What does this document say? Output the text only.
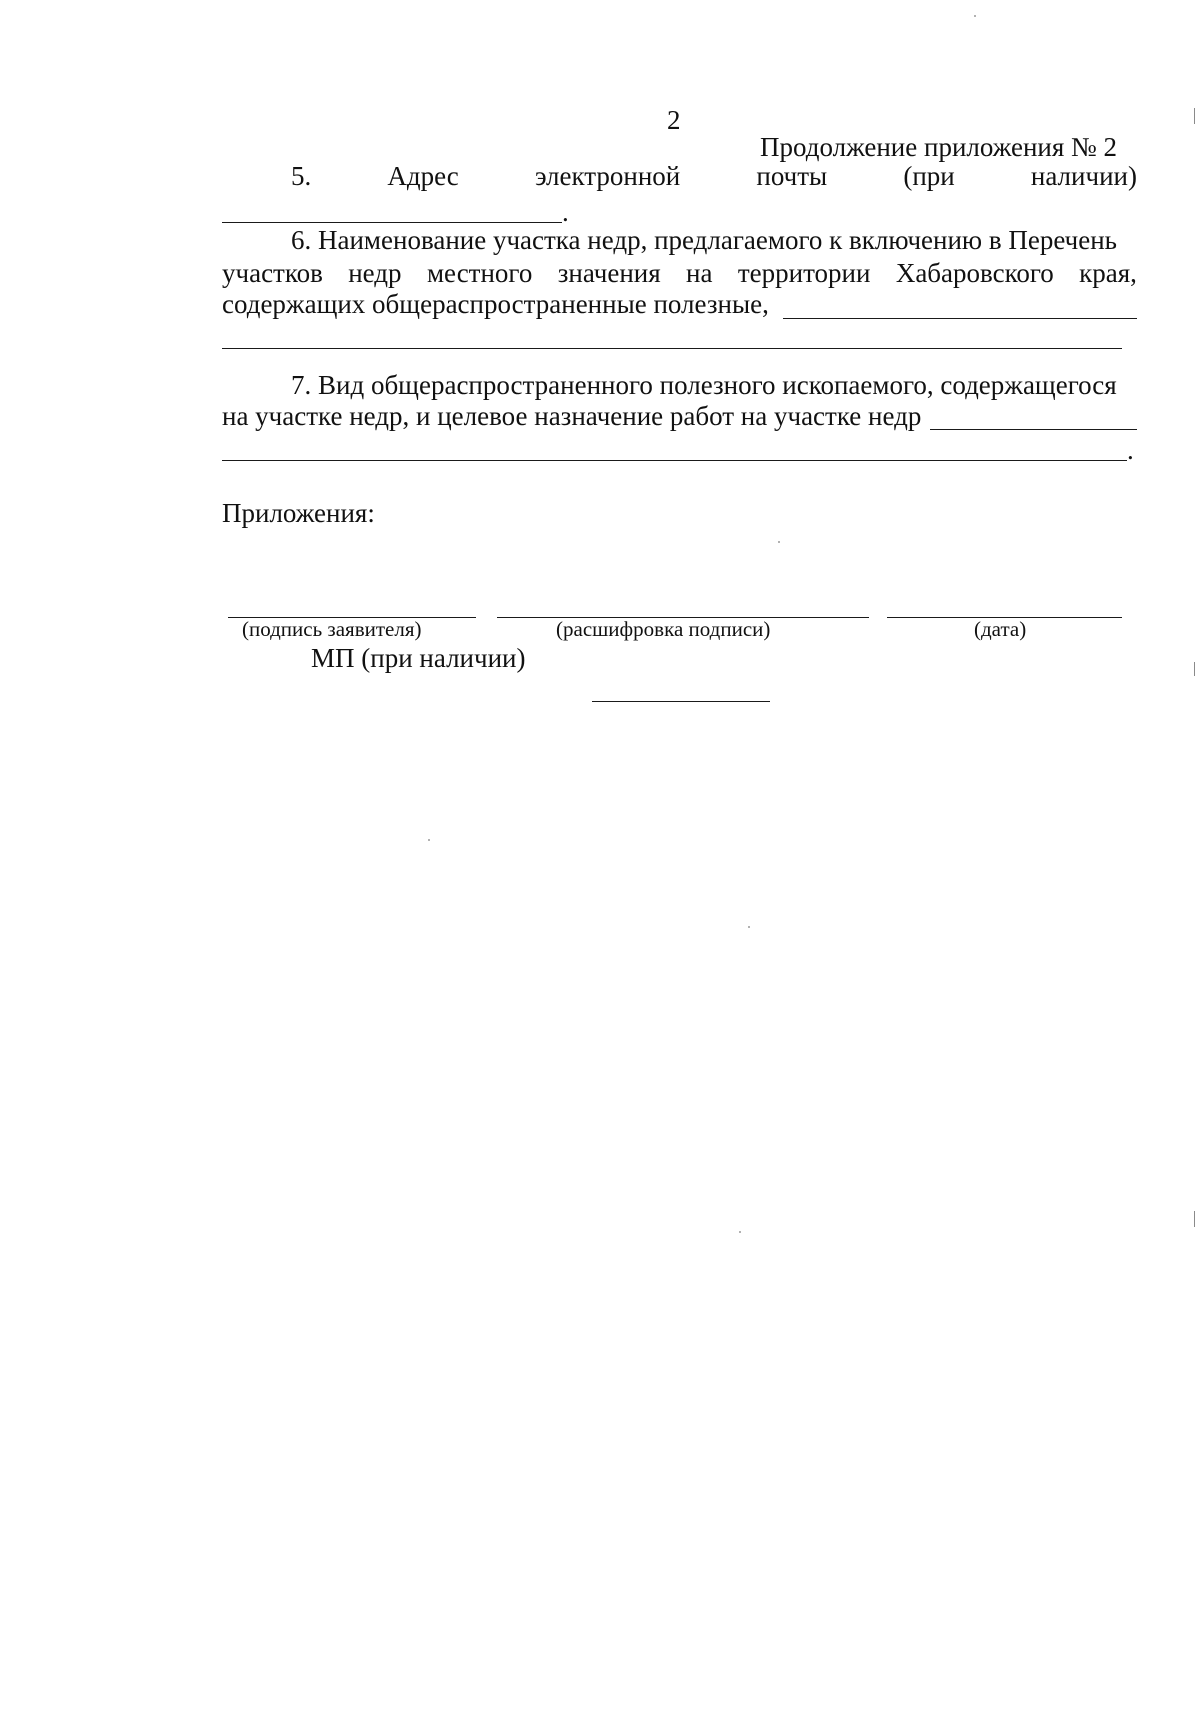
2
Продолжение приложения № 2
5.	Адрес	электронной	почты	(при	наличии)
.
6. Наименование участка недр, предлагаемого к включению в Перечень
участков недр местного значения на территории Хабаровского края,
содержащих общераспространенные полезные,
7. Вид общераспространенного полезного ископаемого, содержащегося
на участке недр, и целевое назначение работ на участке недр
.
Приложения:
(подпись заявителя)	(расшифровка подписи)	(дата)
МП (при наличии)
